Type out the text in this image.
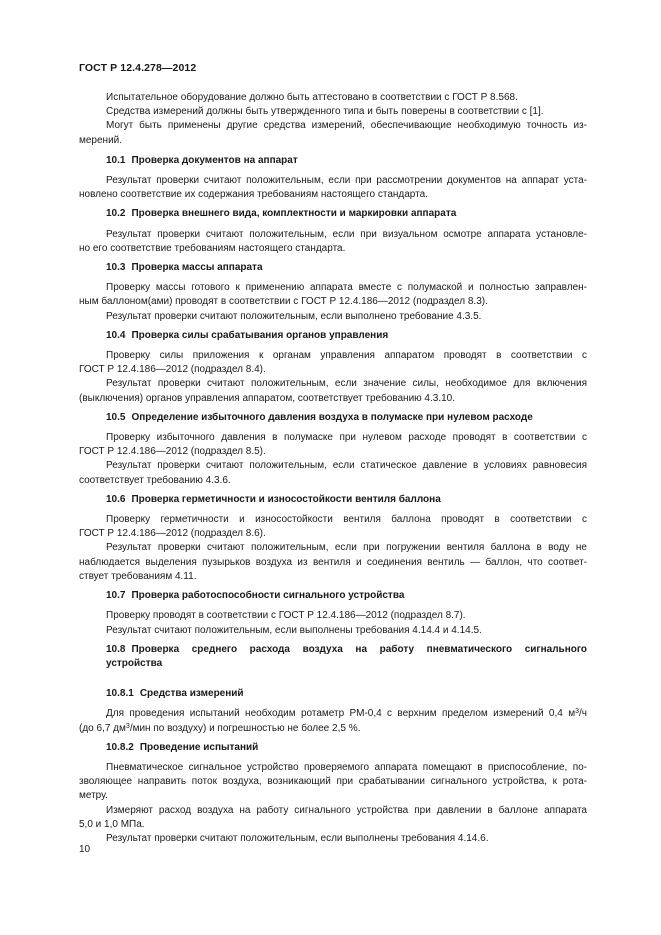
ГОСТ Р 12.4.278—2012

Испытательное оборудование должно быть аттестовано в соответствии с ГОСТ Р 8.568.

Средства измерений должны быть утвержденного типа и быть поверены в соответствии с [1].

Могут быть применены другие средства измерений, обеспечивающие необходимую точность из-

мерений.

10.1 Проверка документов на аппарат

Результат проверки считают положительным, если при рассмотрении документов на аппарат уста-

новлено соответствие их содержания требованиям настоящего стандарта.

10.2 Проверка внешнего вида, комплектности и маркировки аппарата

Результат проверки считают положительным, если при визуальном осмотре аппарата установле-

но его соответствие требованиям настоящего стандарта.

10.3 Проверка массы аппарата

Проверку массы готового к применению аппарата вместе с полумаской и полностью заправлен-

ным баллоном(ами) проводят в соответствии с ГОСТ Р 12.4.186—2012 (подраздел 8.3).

Результат проверки считают положительным, если выполнено требование 4.3.5.

10.4 Проверка силы срабатывания органов управления

Проверку силы приложения к органам управления аппаратом проводят в соответствии с

ГОСТ Р 12.4.186—2012 (подраздел 8.4).

Результат проверки считают положительным, если значение силы, необходимое для включения

(выключения) органов управления аппаратом, соответствует требованию 4.3.10.

10.5 Определение избыточного давления воздуха в полумаске при нулевом расходе

Проверку избыточного давления в полумаске при нулевом расходе проводят в соответствии с

ГОСТ Р 12.4.186—2012 (подраздел 8.5).

Результат проверки считают положительным, если статическое давление в условиях равновесия

соответствует требованию 4.3.6.

10.6 Проверка герметичности и износостойкости вентиля баллона

Проверку герметичности и износостойкости вентиля баллона проводят в соответствии с

ГОСТ Р 12.4.186—2012 (подраздел 8.6).

Результат проверки считают положительным, если при погружении вентиля баллона в воду не

наблюдается выделения пузырьков воздуха из вентиля и соединения вентиль — баллон, что соответ-

ствует требованиям 4.11.

10.7 Проверка работоспособности сигнального устройства

Проверку проводят в соответствии с ГОСТ Р 12.4.186—2012 (подраздел 8.7).

Результат считают положительным, если выполнены требования 4.14.4 и 4.14.5.

10.8 Проверка среднего расхода воздуха на работу пневматического сигнального
устройства

10.8.1 Средства измерений

Для проведения испытаний необходим ротаметр РМ-0,4 с верхним пределом измерений 0,4 $м^3/ч$

(до 6,7 $дм^3$/мин по воздуху) и погрешностью не более 2,5 %.

10.8.2 Проведение испытаний

Пневматическое сигнальное устройство проверяемого аппарата помещают в приспособление, по-

зволяющее направить поток воздуха, возникающий при срабатывании сигнального устройства, к рота-

метру.

Измеряют расход воздуха на работу сигнального устройства при давлении в баллоне аппарата

5,0 и 1,0 МПа.

Результат проверки считают положительным, если выполнены требования 4.14.6.

10
